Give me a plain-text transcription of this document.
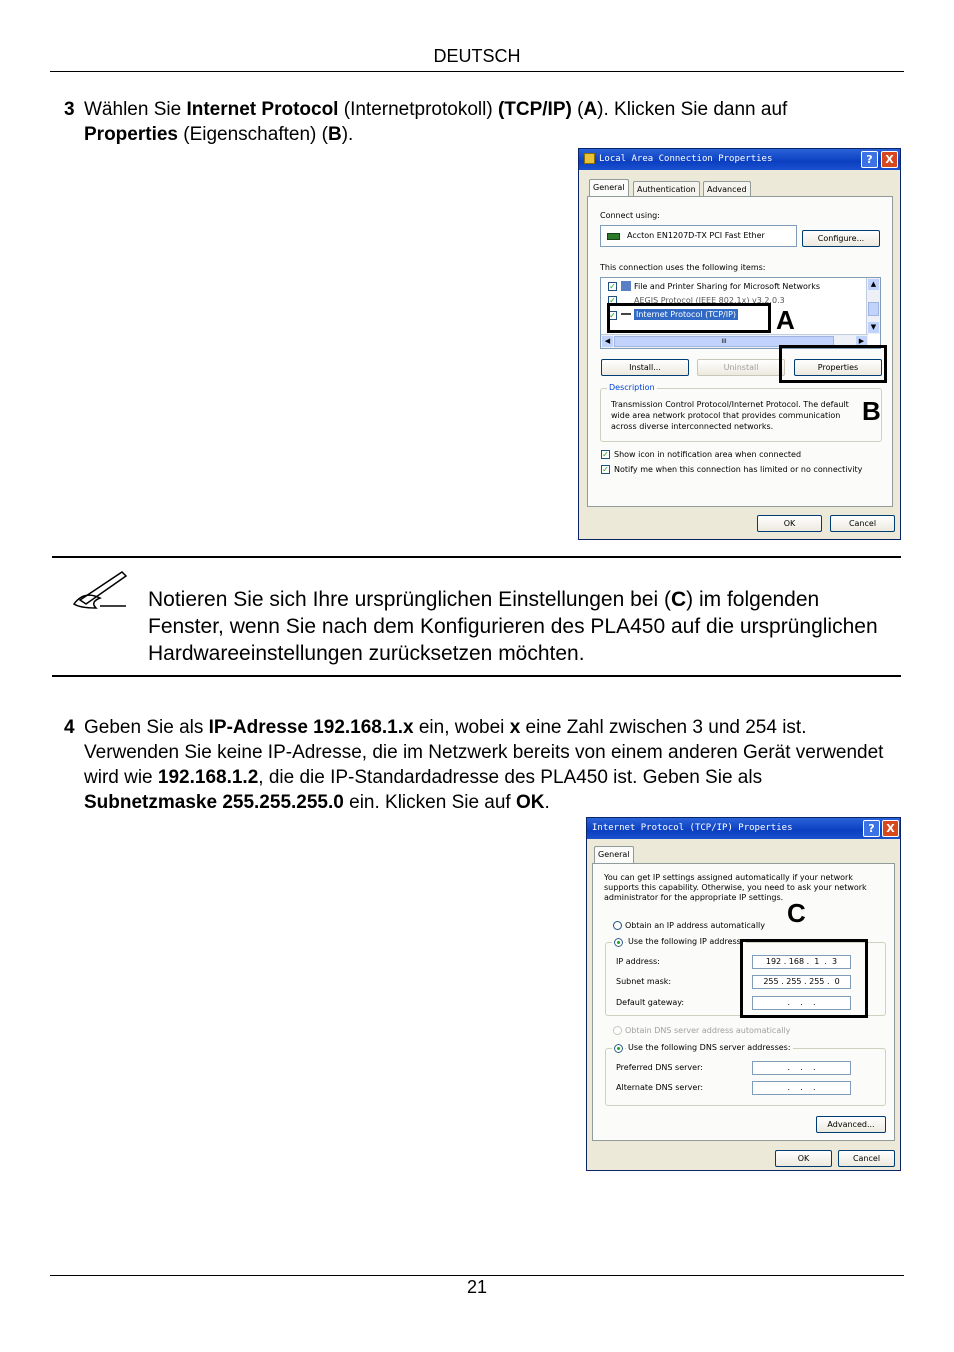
DEUTSCH
3 Wählen Sie Internet Protocol (Internetprotokoll) (TCP/IP) (A). Klicken Sie dann auf
Properties (Eigenschaften) (B).
Local Area Connection Properties	?	X
General	Authentication	Advanced
Connect using:
Accton EN1207D-TX PCI Fast Ether	Configure...
This connection uses the following items:
✓ File and Printer Sharing for Microsoft Networks
✓ AEGIS Protocol (IEEE 802.1x) v3.2.0.3
✓	Internet Protocol (TCP/IP)
▲
▼
◀	III	▶
Install...	Uninstall	Properties
Description
Transmission Control Protocol/Internet Protocol. The default wide area network protocol that provides communication across diverse interconnected networks.
✓ Show icon in notification area when connected
✓ Notify me when this connection has limited or no connectivity
OK	Cancel
A
B
Notieren Sie sich Ihre ursprünglichen Einstellungen bei (C) im folgenden Fenster, wenn Sie nach dem Konfigurieren des PLA450 auf die ursprünglichen Hardwareeinstellungen zurücksetzen möchten.
4 Geben Sie als IP-Adresse 192.168.1.x ein, wobei x eine Zahl zwischen 3 und 254 ist. Verwenden Sie keine IP-Adresse, die im Netzwerk bereits von einem anderen Gerät verwendet wird wie 192.168.1.2, die die IP-Standardadresse des PLA450 ist. Geben Sie als Subnetzmaske 255.255.255.0 ein. Klicken Sie auf OK.
Internet Protocol (TCP/IP) Properties	?	X
General
You can get IP settings assigned automatically if your network supports this capability. Otherwise, you need to ask your network administrator for the appropriate IP settings.
Obtain an IP address automatically
Use the following IP address:
IP address:	192 . 168 .  1  .  3
Subnet mask:	255 . 255 . 255 .  0
Default gateway:	.    .    .
Obtain DNS server address automatically
Use the following DNS server addresses:
Preferred DNS server:	.    .    .
Alternate DNS server:	.    .    .
Advanced...
OK	Cancel
C
21
